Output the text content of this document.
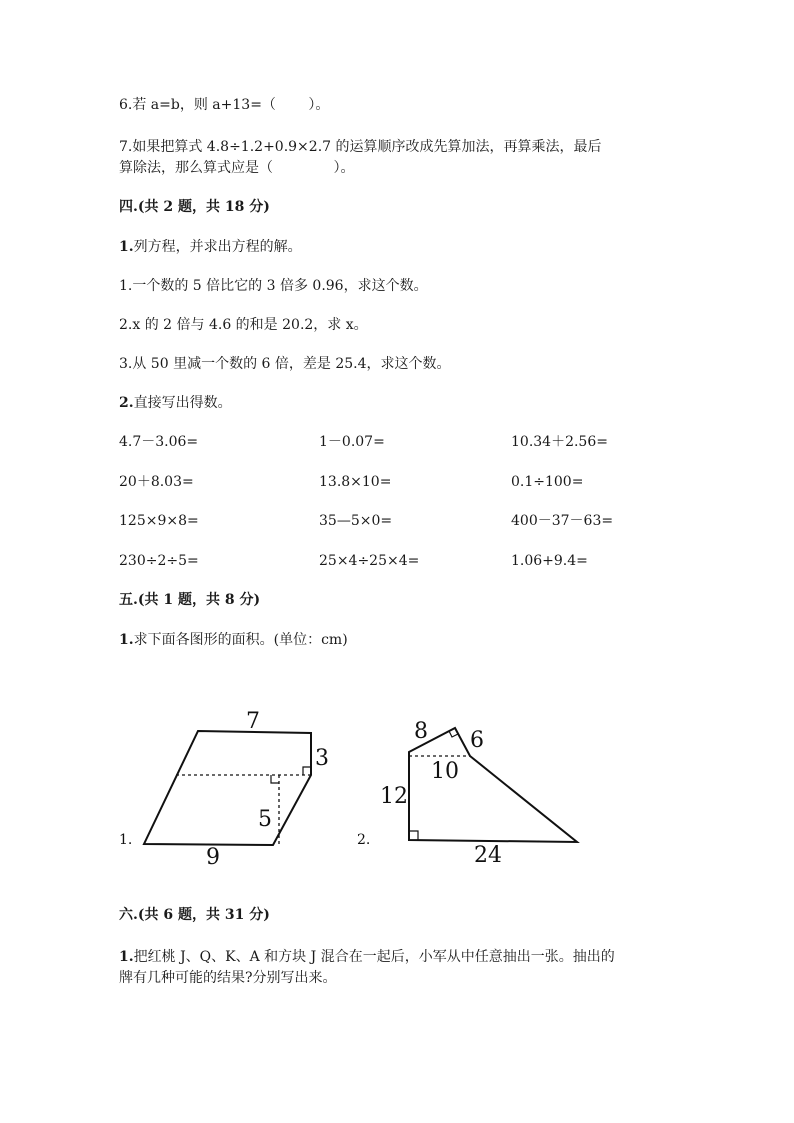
6.若 a=b，则 a+13=（　　 ）。
7.如果把算式 4.8÷1.2+0.9×2.7 的运算顺序改成先算加法，再算乘法，最后
算除法，那么算式应是（　　　　 ）。
四.(共 2 题，共 18 分)
1.列方程，并求出方程的解。
1.一个数的 5 倍比它的 3 倍多 0.96，求这个数。
2.x 的 2 倍与 4.6 的和是 20.2，求 x。
3.从 50 里减一个数的 6 倍，差是 25.4，求这个数。
2.直接写出得数。
4.7－3.06=	1－0.07=	10.34＋2.56=
20＋8.03=	13.8×10=	0.1÷100=
125×9×8=	35—5×0=	400－37－63=
230÷2÷5=	25×4÷25×4=	1.06+9.4=
五.(共 1 题，共 8 分)
1.求下面各图形的面积。(单位：cm)
1.
7
3
5
9
2.
8 6
10
12
24
六.(共 6 题，共 31 分)
1.把红桃 J、Q、K、A 和方块 J 混合在一起后，小军从中任意抽出一张。抽出的
牌有几种可能的结果?分别写出来。
